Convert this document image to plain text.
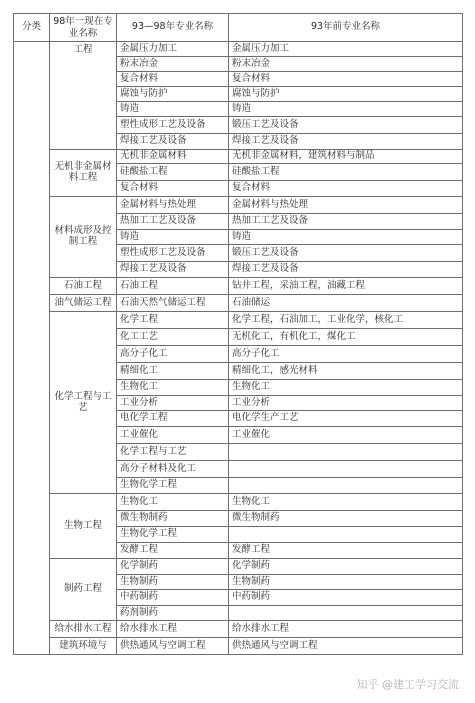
分类	98年一现在专业名称	93—98年专业名称	93年前专业名称
	工程	金属压力加工	金属压力加工
		粉末冶金	粉末冶金
		复合材料	复合材料
		腐蚀与防护	腐蚀与防护
		铸造	铸造
		塑性成形工艺及设备	锻压工艺及设备
		焊接工艺及设备	焊接工艺及设备
	无机非金属材料工程	无机非金属材料	无机非金属材料，建筑材料与制品
		硅酸盐工程	硅酸盐工程
		复合材料	复合材料
	材料成形及控制工程	金属材料与热处理	金属材料与热处理
		热加工工艺及设备	热加工工艺及设备
		铸造	铸造
		塑性成形工艺及设备	锻压工艺及设备
		焊接工艺及设备	焊接工艺及设备
	石油工程	石油工程	钻井工程，采油工程，油藏工程
	油气储运工程	石油天然气储运工程	石油储运
	化学工程与工艺	化学工程	化学工程，石油加工，工业化学，核化工
		化工工艺	无机化工，有机化工，煤化工
		高分子化工	高分子化工
		精细化工	精细化工，感光材料
		生物化工	生物化工
		工业分析	工业分析
		电化学工程	电化学生产工艺
		工业催化	工业催化
		化学工程与工艺	
		高分子材料及化工	
		生物化学工程	
	生物工程	生物化工	生物化工
		微生物制药	微生物制药
		生物化学工程	
		发酵工程	发酵工程
	制药工程	化学制药	化学制药
		生物制药	生物制药
		中药制药	中药制药
		药剂制药	
	给水排水工程	给水排水工程	给水排水工程
	建筑环境与	供热通风与空调工程	供热通风与空调工程
知乎 @建工学习交流
